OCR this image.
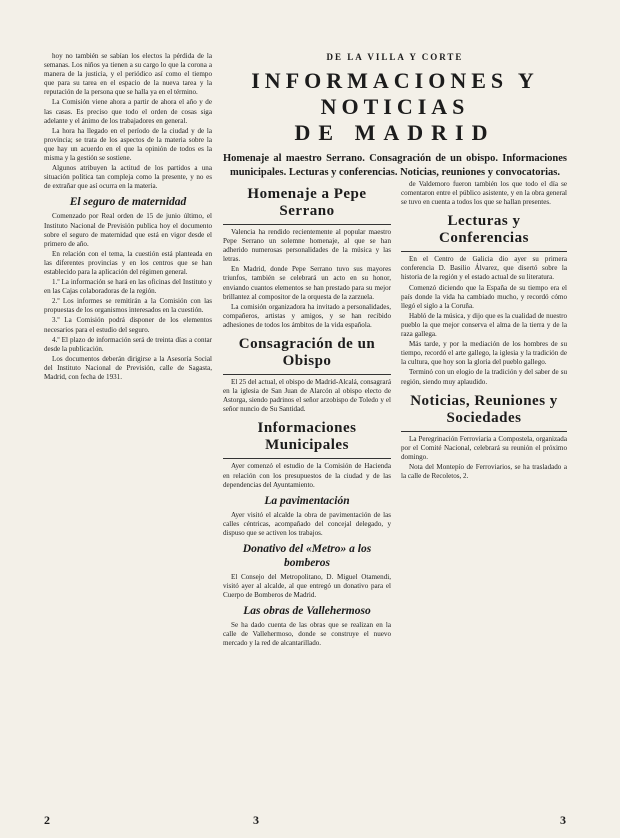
hoy no también se sabían los electos la pérdida de la semanas. Los niños ya tienen a su cargo lo que la corona a manera de la justicia, y el periódico así como el tiempo que para su tarea en el espacio de la nueva tarea y la reputación de la persona que se halla ya en el término.

La Comisión viene ahora a partir de ahora el año y de las casas. Es preciso que todo el orden de cosas siga adelante y el ánimo de los trabajadores en general.

La hora ha llegado en el período de la ciudad y de la provincia; se trata de los aspectos de la materia sobre la que hay un acuerdo en el que la opinión de todos es la misma y la gestión se sostiene.

Algunos atribuyen la actitud de los partidos a una situación política tan compleja como la presente, y no es de extrañar que así ocurra en la materia.

El seguro de maternidad

Comenzado por Real orden de 15 de junio último, el Instituto Nacional de Previsión publica hoy el documento sobre el seguro de maternidad que está en vigor desde el primero de año.

En relación con el tema, la cuestión está planteada en las diferentes provincias y en los centros que se han establecido para la aplicación del régimen general.

1.º La información se hará en las oficinas del Instituto y en las Cajas colaboradoras de la región.

2.º Los informes se remitirán a la Comisión con las propuestas de los organismos interesados en la cuestión.

3.º La Comisión podrá disponer de los elementos necesarios para el estudio del seguro.

4.º El plazo de información será de treinta días a contar desde la publicación.

Los documentos deberán dirigirse a la Asesoría Social del Instituto Nacional de Previsión, calle de Sagasta, Madrid, con fecha de 1931.

DE LA VILLA Y CORTE
INFORMACIONES Y NOTICIAS
DE MADRID
Homenaje al maestro Serrano. Consagración de un obispo. Informaciones municipales. Lecturas y conferencias. Noticias, reuniones y convocatorias.
Homenaje a Pepe Serrano

Valencia ha rendido recientemente al popular maestro Pepe Serrano un solemne homenaje, al que se han adherido numerosas personalidades de la música y las letras.

En Madrid, donde Pepe Serrano tuvo sus mayores triunfos, también se celebrará un acto en su honor, enviando cuantos elementos se han prestado para su mejor brillantez al compositor de la orquesta de la zarzuela.

La comisión organizadora ha invitado a personalidades, compañeros, artistas y amigos, y se han recibido adhesiones de todos los ámbitos de la vida española.

Consagración de un Obispo

El 25 del actual, el obispo de Madrid-Alcalá, consagrará en la iglesia de San Juan de Alarcón al obispo electo de Astorga, siendo padrinos el señor arzobispo de Toledo y el señor nuncio de Su Santidad.

Informaciones Municipales

Ayer comenzó el estudio de la Comisión de Hacienda en relación con los presupuestos de la ciudad y de las dependencias del Ayuntamiento.

La pavimentación

Ayer visitó el alcalde la obra de pavimentación de las calles céntricas, acompañado del concejal delegado, y dispuso que se activen los trabajos.

Donativo del «Metro» a los bomberos

El Consejo del Metropolitano, D. Miguel Otamendi, visitó ayer al alcalde, al que entregó un donativo para el Cuerpo de Bomberos de Madrid.

Las obras de Vallehermoso

Se ha dado cuenta de las obras que se realizan en la calle de Vallehermoso, donde se construye el nuevo mercado y la red de alcantarillado.

de Valdemoro fueron también los que todo el día se comentaron entre el público asistente, y en la obra general se tuvo en cuenta a todos los que se hallan presentes.

Lecturas y Conferencias

En el Centro de Galicia dio ayer su primera conferencia D. Basilio Álvarez, que disertó sobre la historia de la región y el estado actual de su literatura.

Comenzó diciendo que la España de su tiempo era el país donde la vida ha cambiado mucho, y recordó cómo llegó el siglo a la Coruña.

Habló de la música, y dijo que es la cualidad de nuestro pueblo la que mejor conserva el alma de la tierra y de la raza gallega.

Más tarde, y por la mediación de los hombres de su tiempo, recordó el arte gallego, la iglesia y la tradición de la cultura, que hoy son la gloria del pueblo gallego.

Terminó con un elogio de la tradición y del saber de su región, siendo muy aplaudido.

Noticias, Reuniones y Sociedades

La Peregrinación Ferroviaria a Compostela, organizada por el Comité Nacional, celebrará su reunión el próximo domingo.

Nota del Montepío de Ferroviarios, se ha trasladado a la calle de Recoletos, 2.

2	3	3
